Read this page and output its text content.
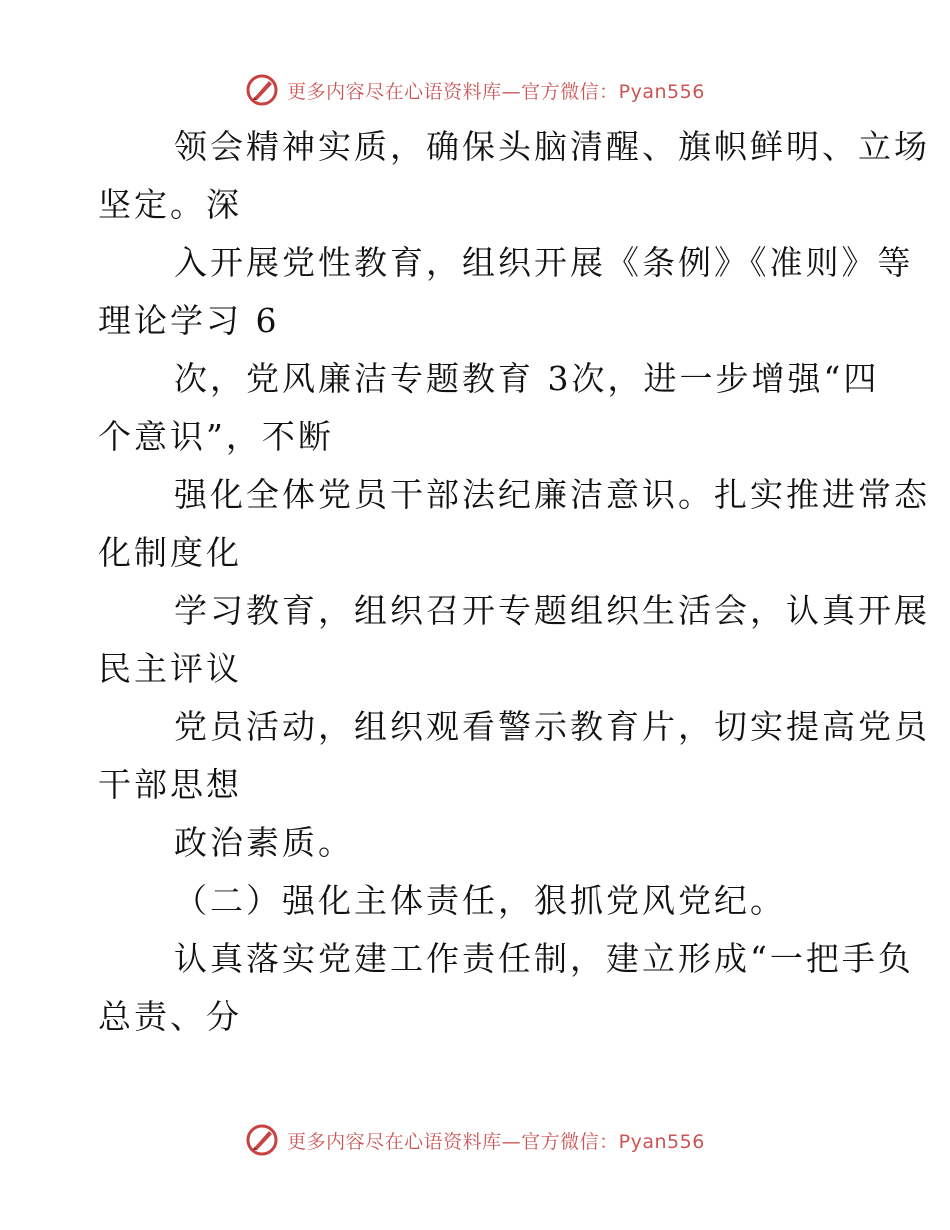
更多内容尽在心语资料库—官方微信：Pyan556
领会精神实质，确保头脑清醒、旗帜鲜明、立场
坚定。深
入开展党性教育，组织开展《条例》《准则》等
理论学习 6
次，党风廉洁专题教育 3次，进一步增强“四
个意识”，不断
强化全体党员干部法纪廉洁意识。扎实推进常态
化制度化
学习教育，组织召开专题组织生活会，认真开展
民主评议
党员活动，组织观看警示教育片，切实提高党员
干部思想
政治素质。
（二）强化主体责任，狠抓党风党纪。
认真落实党建工作责任制，建立形成“一把手负
总责、分
更多内容尽在心语资料库—官方微信：Pyan556
